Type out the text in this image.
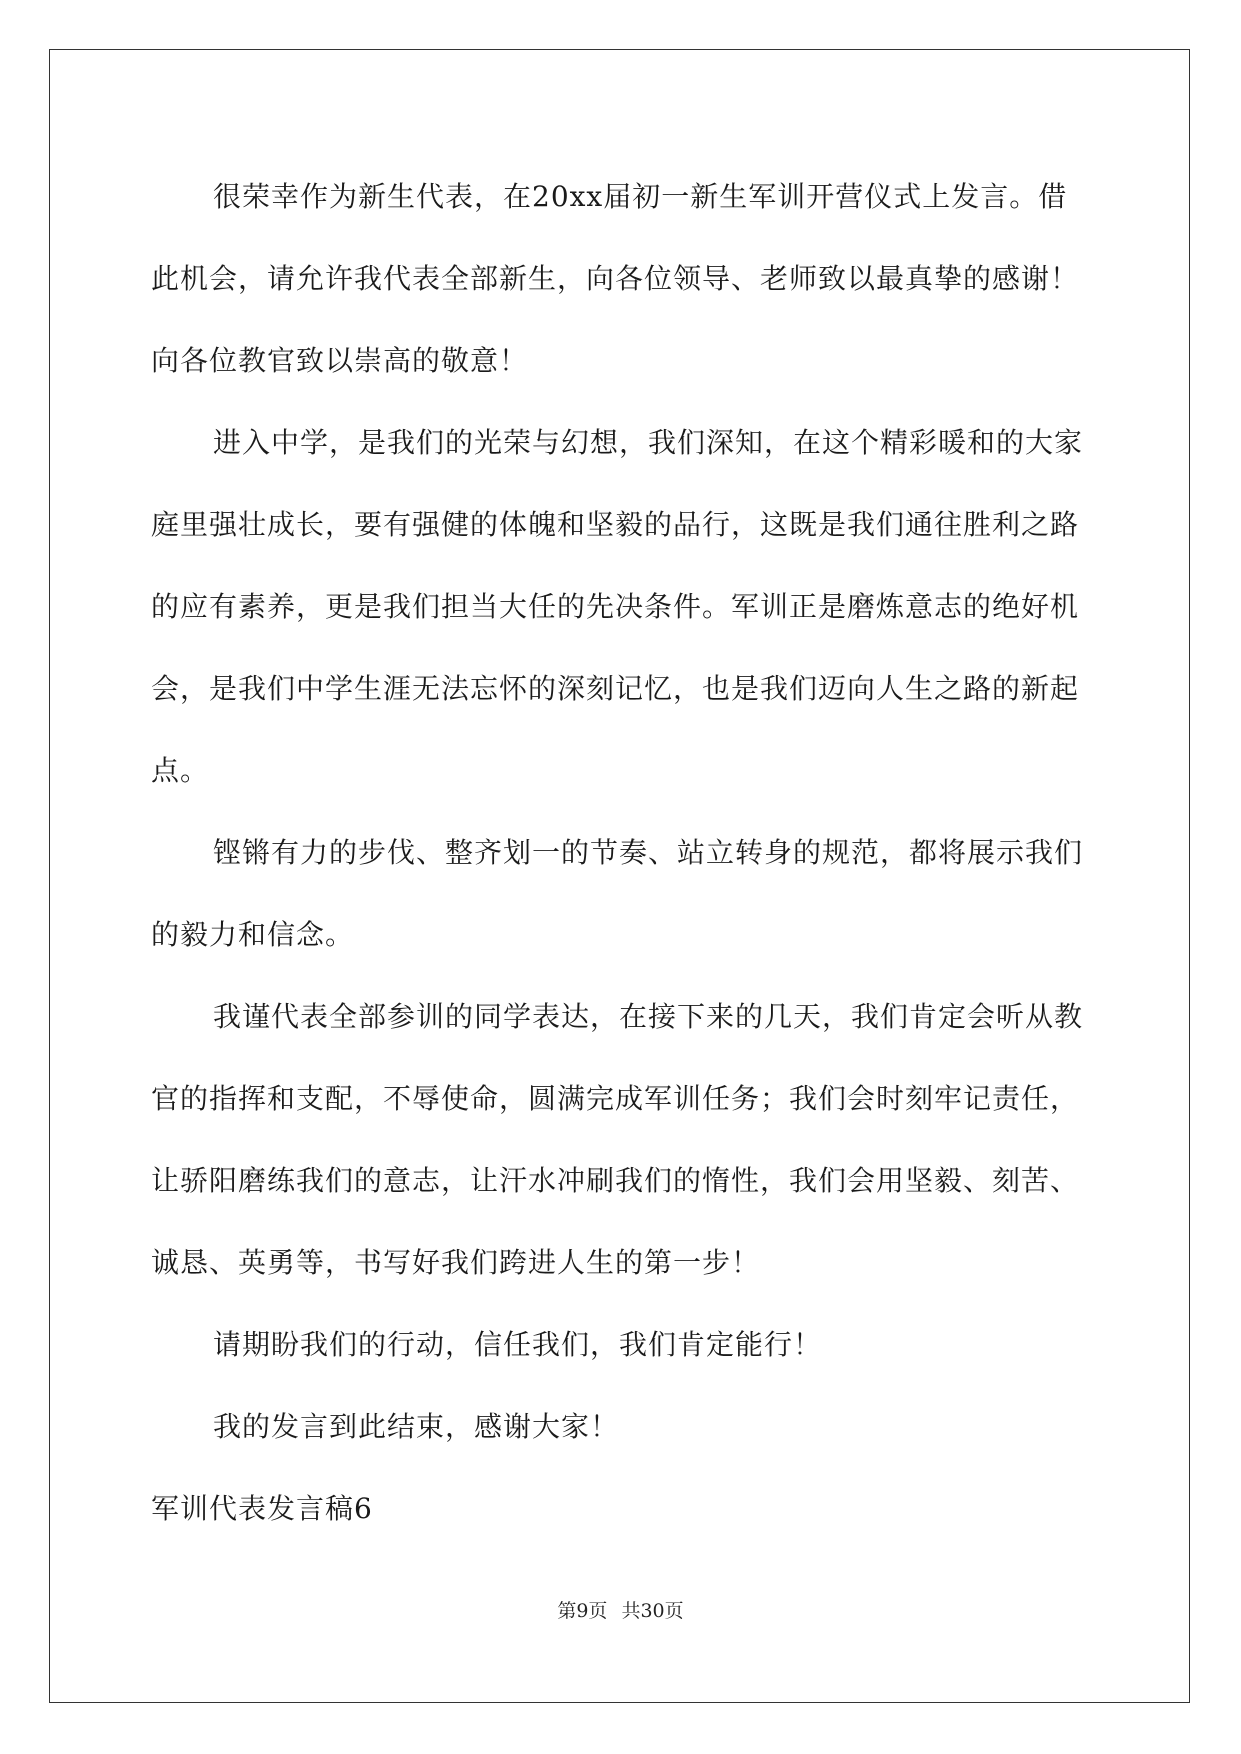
很荣幸作为新生代表，在20xx届初一新生军训开营仪式上发言。借此机会，请允许我代表全部新生，向各位领导、老师致以最真挚的感谢！向各位教官致以崇高的敬意！

进入中学，是我们的光荣与幻想，我们深知，在这个精彩暖和的大家庭里强壮成长，要有强健的体魄和坚毅的品行，这既是我们通往胜利之路的应有素养，更是我们担当大任的先决条件。军训正是磨炼意志的绝好机会，是我们中学生涯无法忘怀的深刻记忆，也是我们迈向人生之路的新起点。

铿锵有力的步伐、整齐划一的节奏、站立转身的规范，都将展示我们的毅力和信念。

我谨代表全部参训的同学表达，在接下来的几天，我们肯定会听从教官的指挥和支配，不辱使命，圆满完成军训任务；我们会时刻牢记责任，让骄阳磨练我们的意志，让汗水冲刷我们的惰性，我们会用坚毅、刻苦、诚恳、英勇等，书写好我们跨进人生的第一步！

请期盼我们的行动，信任我们，我们肯定能行！

我的发言到此结束，感谢大家！

军训代表发言稿6

第9页 共30页
